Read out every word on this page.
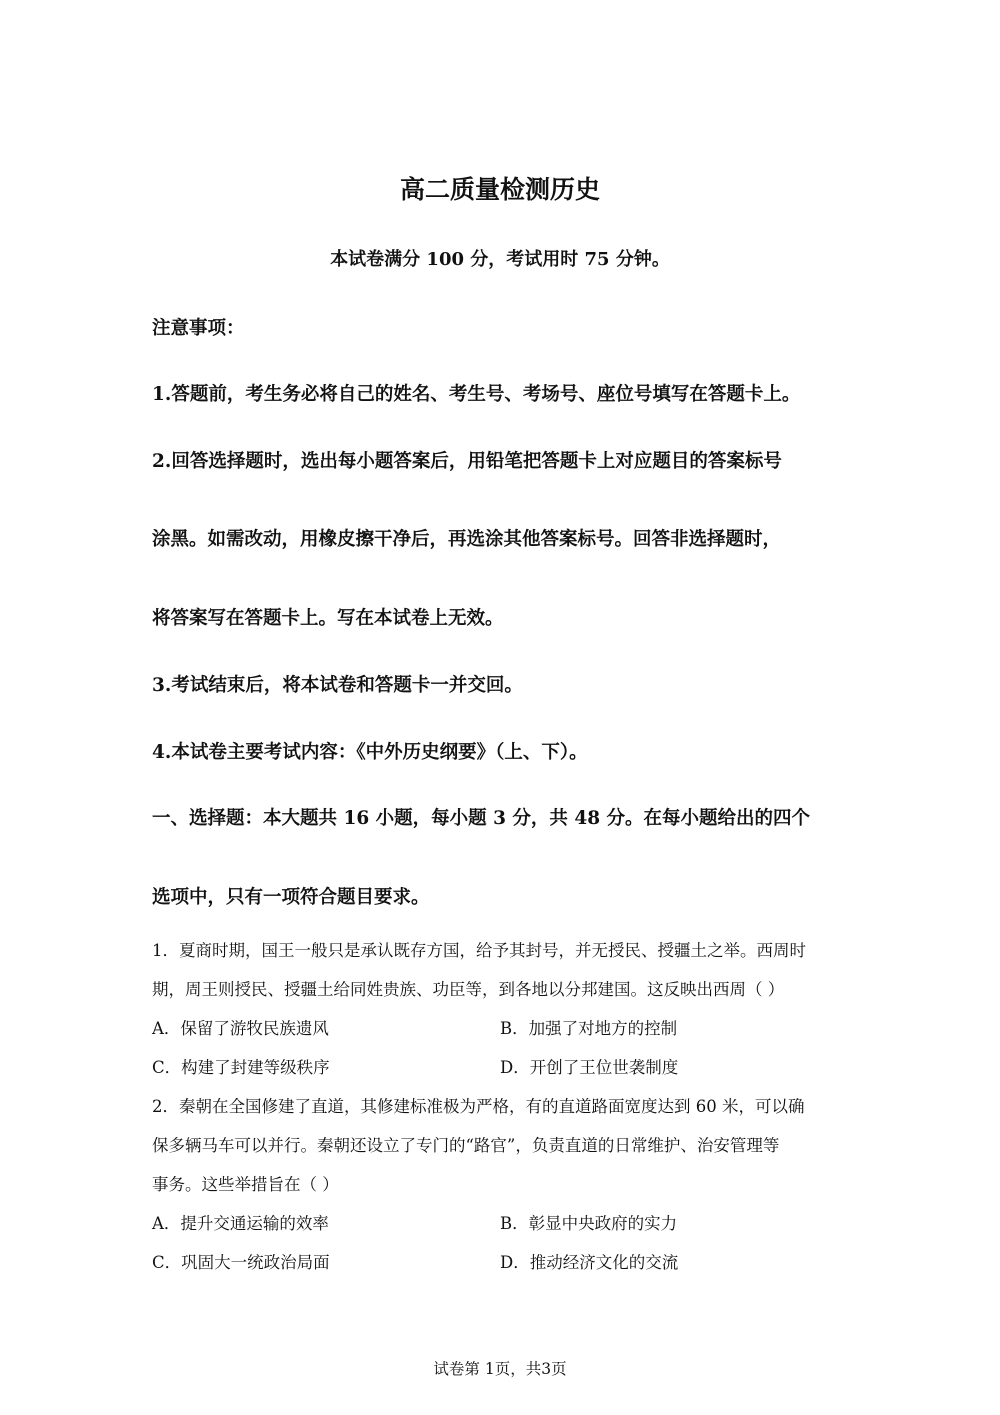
高二质量检测历史
本试卷满分 100 分，考试用时 75 分钟。
注意事项：
1.答题前，考生务必将自己的姓名、考生号、考场号、座位号填写在答题卡上。
2.回答选择题时，选出每小题答案后，用铅笔把答题卡上对应题目的答案标号
涂黑。如需改动，用橡皮擦干净后，再选涂其他答案标号。回答非选择题时，
将答案写在答题卡上。写在本试卷上无效。
3.考试结束后，将本试卷和答题卡一并交回。
4.本试卷主要考试内容：《中外历史纲要》（上、下）。
一、选择题：本大题共 16 小题，每小题 3 分，共 48 分。在每小题给出的四个
选项中，只有一项符合题目要求。
1．夏商时期，国王一般只是承认既存方国，给予其封号，并无授民、授疆土之举。西周时
期，周王则授民、授疆土给同姓贵族、功臣等，到各地以分邦建国。这反映出西周（ ）
A．保留了游牧民族遗风	B．加强了对地方的控制
C．构建了封建等级秩序	D．开创了王位世袭制度
2．秦朝在全国修建了直道，其修建标准极为严格，有的直道路面宽度达到 60 米，可以确
保多辆马车可以并行。秦朝还设立了专门的“路官”，负责直道的日常维护、治安管理等
事务。这些举措旨在（ ）
A．提升交通运输的效率	B．彰显中央政府的实力
C．巩固大一统政治局面	D．推动经济文化的交流
试卷第 1页，共3页
